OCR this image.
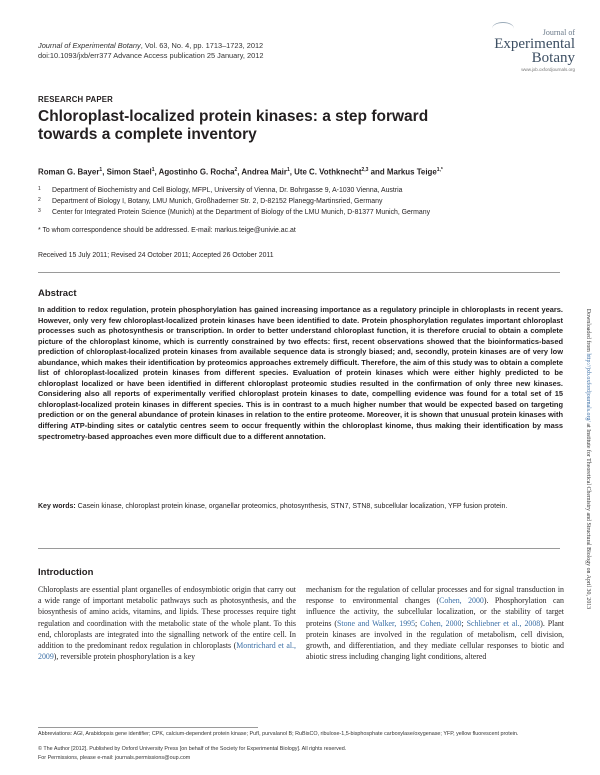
Journal of Experimental Botany, Vol. 63, No. 4, pp. 1713–1723, 2012
doi:10.1093/jxb/err377 Advance Access publication 25 January, 2012
Journal of
Experimental
Botany
www.jxb.oxfordjournals.org
RESEARCH PAPER
Chloroplast-localized protein kinases: a step forward
towards a complete inventory
Roman G. Bayer$^1$, Simon Stael$^1$, Agostinho G. Rocha$^2$, Andrea Mair$^1$, Ute C. Vothknecht$^{2,3}$ and Markus Teige$^{1,*}$
1 Department of Biochemistry and Cell Biology, MFPL, University of Vienna, Dr. Bohrgasse 9, A-1030 Vienna, Austria
2 Department of Biology I, Botany, LMU Munich, Großhaderner Str. 2, D-82152 Planegg-Martinsried, Germany
3 Center for Integrated Protein Science (Munich) at the Department of Biology of the LMU Munich, D-81377 Munich, Germany
* To whom correspondence should be addressed. E-mail: markus.teige@univie.ac.at
Received 15 July 2011; Revised 24 October 2011; Accepted 26 October 2011
Abstract
In addition to redox regulation, protein phosphorylation has gained increasing importance as a regulatory principle in chloroplasts in recent years. However, only very few chloroplast-localized protein kinases have been identified to date. Protein phosphorylation regulates important chloroplast processes such as photosynthesis or transcription. In order to better understand chloroplast function, it is therefore crucial to obtain a complete picture of the chloroplast kinome, which is currently constrained by two effects: first, recent observations showed that the bioinformatics-based prediction of chloroplast-localized protein kinases from available sequence data is strongly biased; and, secondly, protein kinases are of very low abundance, which makes their identification by proteomics approaches extremely difficult. Therefore, the aim of this study was to obtain a complete list of chloroplast-localized protein kinases from different species. Evaluation of protein kinases which were either highly predicted to be chloroplast localized or have been identified in different chloroplast proteomic studies resulted in the confirmation of only three new kinases. Considering also all reports of experimentally verified chloroplast protein kinases to date, compelling evidence was found for a total set of 15 chloroplast-localized protein kinases in different species. This is in contrast to a much higher number that would be expected based on targeting prediction or on the general abundance of protein kinases in relation to the entire proteome. Moreover, it is shown that unusual protein kinases with differing ATP-binding sites or catalytic centres seem to occur frequently within the chloroplast kinome, thus making their identification by mass spectrometry-based approaches even more difficult due to a different annotation.
Key words: Casein kinase, chloroplast protein kinase, organellar proteomics, photosynthesis, STN7, STN8, subcellular localization, YFP fusion protein.
Introduction
Chloroplasts are essential plant organelles of endosymbiotic origin that carry out a wide range of important metabolic pathways such as photosynthesis, and the biosynthesis of amino acids, vitamins, and lipids. These processes require tight regulation and coordination with the metabolic state of the whole plant. To this end, chloroplasts are integrated into the signalling network of the entire cell. In addition to the predominant redox regulation in chloroplasts (Montrichard et al., 2009), reversible protein phosphorylation is a key
mechanism for the regulation of cellular processes and for signal transduction in response to environmental changes (Cohen, 2000). Phosphorylation can influence the activity, the subcellular localization, or the stability of target proteins (Stone and Walker, 1995; Cohen, 2000; Schliebner et al., 2008). Plant protein kinases are involved in the regulation of metabolism, cell division, growth, and differentiation, and they mediate cellular responses to biotic and abiotic stress including changing light conditions, altered
Abbreviations: AGI, Arabidopsis gene identifier; CPK, calcium-dependent protein kinase; PufI, purvalanol B; RuBisCO, ribulose-1,5-bisphosphate carboxylase/oxygenase; YFP, yellow fluorescent protein.
© The Author [2012]. Published by Oxford University Press [on behalf of the Society for Experimental Biology]. All rights reserved.
For Permissions, please e-mail: journals.permissions@oup.com
Downloaded from http://jxb.oxfordjournals.org/ at Institute for Theoretical Chemistry and Structural Biology on April 30, 2013
